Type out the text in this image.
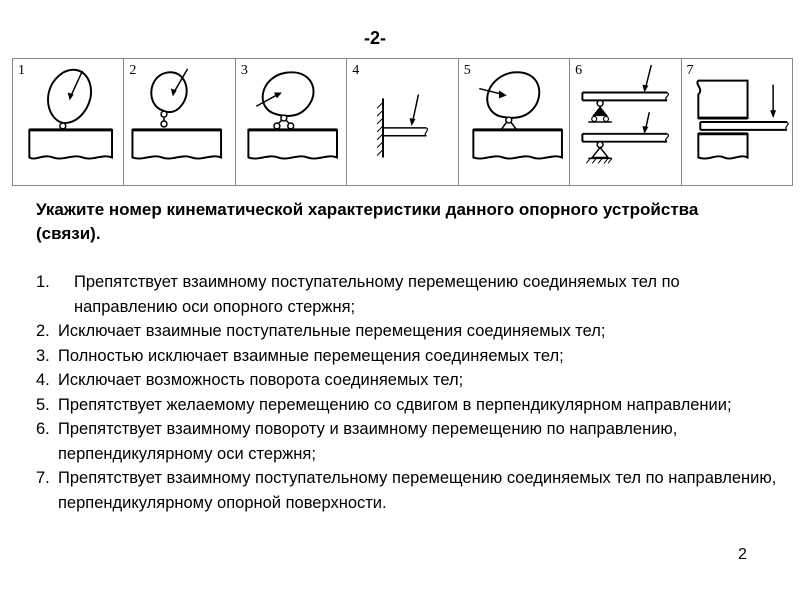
-2-
1	2	3	4	5	6	7
Укажите номер кинематической характеристики данного опорного устройства (связи).
1.	Препятствует взаимному поступательному перемещению соединяемых тел по направлению оси опорного стержня;
2. Исключает взаимные поступательные перемещения соединяемых тел;
3. Полностью исключает взаимные перемещения соединяемых тел;
4. Исключает возможность поворота соединяемых тел;
5. Препятствует желаемому перемещению со сдвигом в перпендикулярном направлении;
6. Препятствует взаимному повороту и взаимному перемещению по направлению, перпендикулярному оси стержня;
7. Препятствует взаимному поступательному перемещению соединяемых тел по направлению, перпендикулярному опорной поверхности.
2
